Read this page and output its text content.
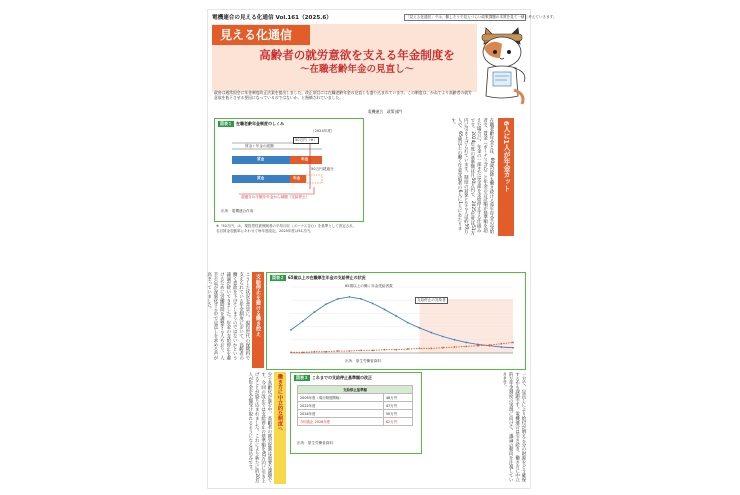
電機連合の見える化通信 Vol.161（2025.6）	「見える化通信」では、難しそうで見えづらい政策課題の本質を見て一緒に考えていきます。
見える化通信
高齢者の就労意欲を支える年金制度を
～在職老齢年金の見直し～
政府は通常国会に年金制度改正法案を提出しました。改正項目には在職老齢年金の見直しも盛り込まれています。この制度は、かねてより高齢者の就労意欲を低下させる要因になっているのではないか、と指摘されていました。
電機連合　政策部門
図表１ 在職老齢年金制度のしくみ
（2024年度）
賃金＋年金の総額
50万円（※）
50万円超過分
賃金	年金
賃金	年金
超過分の半額を年金から減額（支給停止）
出所：電機連合作成
※「50万円」は、現役男性被保険者の平均月収（ボーナス含む）を基準として設定され、名目賃金変動率にあわせて毎年度改定。2025年度は51万円。	在職老齢年金とは、60歳以降も働き続ける厚生年金の受給者で、賃金（ボーナス含む）と年金の合計額が基準額を超えた場合に、年金の一部または全部を支給停止する仕組みです。2024年度の基準額は月50万円で、2025年度は51万円に引き上げられています。制度の対象となる人は約50万人で、65歳以上の働く年金受給者の6人に1人にあたります。	6人に1人が年金カット
こうした状況を背景に、現役世代の保険料で支えられている年金制度において、高齢者の働く意欲を下げてしまうのではないかという議論が続いてきました。年金の支給停止を避けるために労働時間を調整する人もおり、人手不足が深刻化する中で見直しを求める声が高まっていました。	支給停止を避ける働き控え	図表２ 65歳以上の在職厚生年金の支給停止の状況
65歳以上の働く年金受給者数
支給停止の対象者
出所：厚生労働省資料
少子高齢化が進む中、高齢者の就労促進は重要な課題です。今回の改正では支給停止の基準額を62万円に引き上げることが盛り込まれました。これにより新たに約20万人が年金を全額受け取れるようになる見込みです。	働き方に中立的な制度へ	図表３ これまでの支給停止基準額の改正
支給停止基準額	
2005年度（現行制度開始）	48万円
2022年度	47万円
2024年度	50万円
今回改正 2026年度	62万円
出所：厚生労働省資料	一方で、見直しにより給付が増える分の財源をどう確保するかも課題です。電機連合は引き続き、働き方に中立的な年金制度の実現に向けて、議論の動向を注視していきます。
